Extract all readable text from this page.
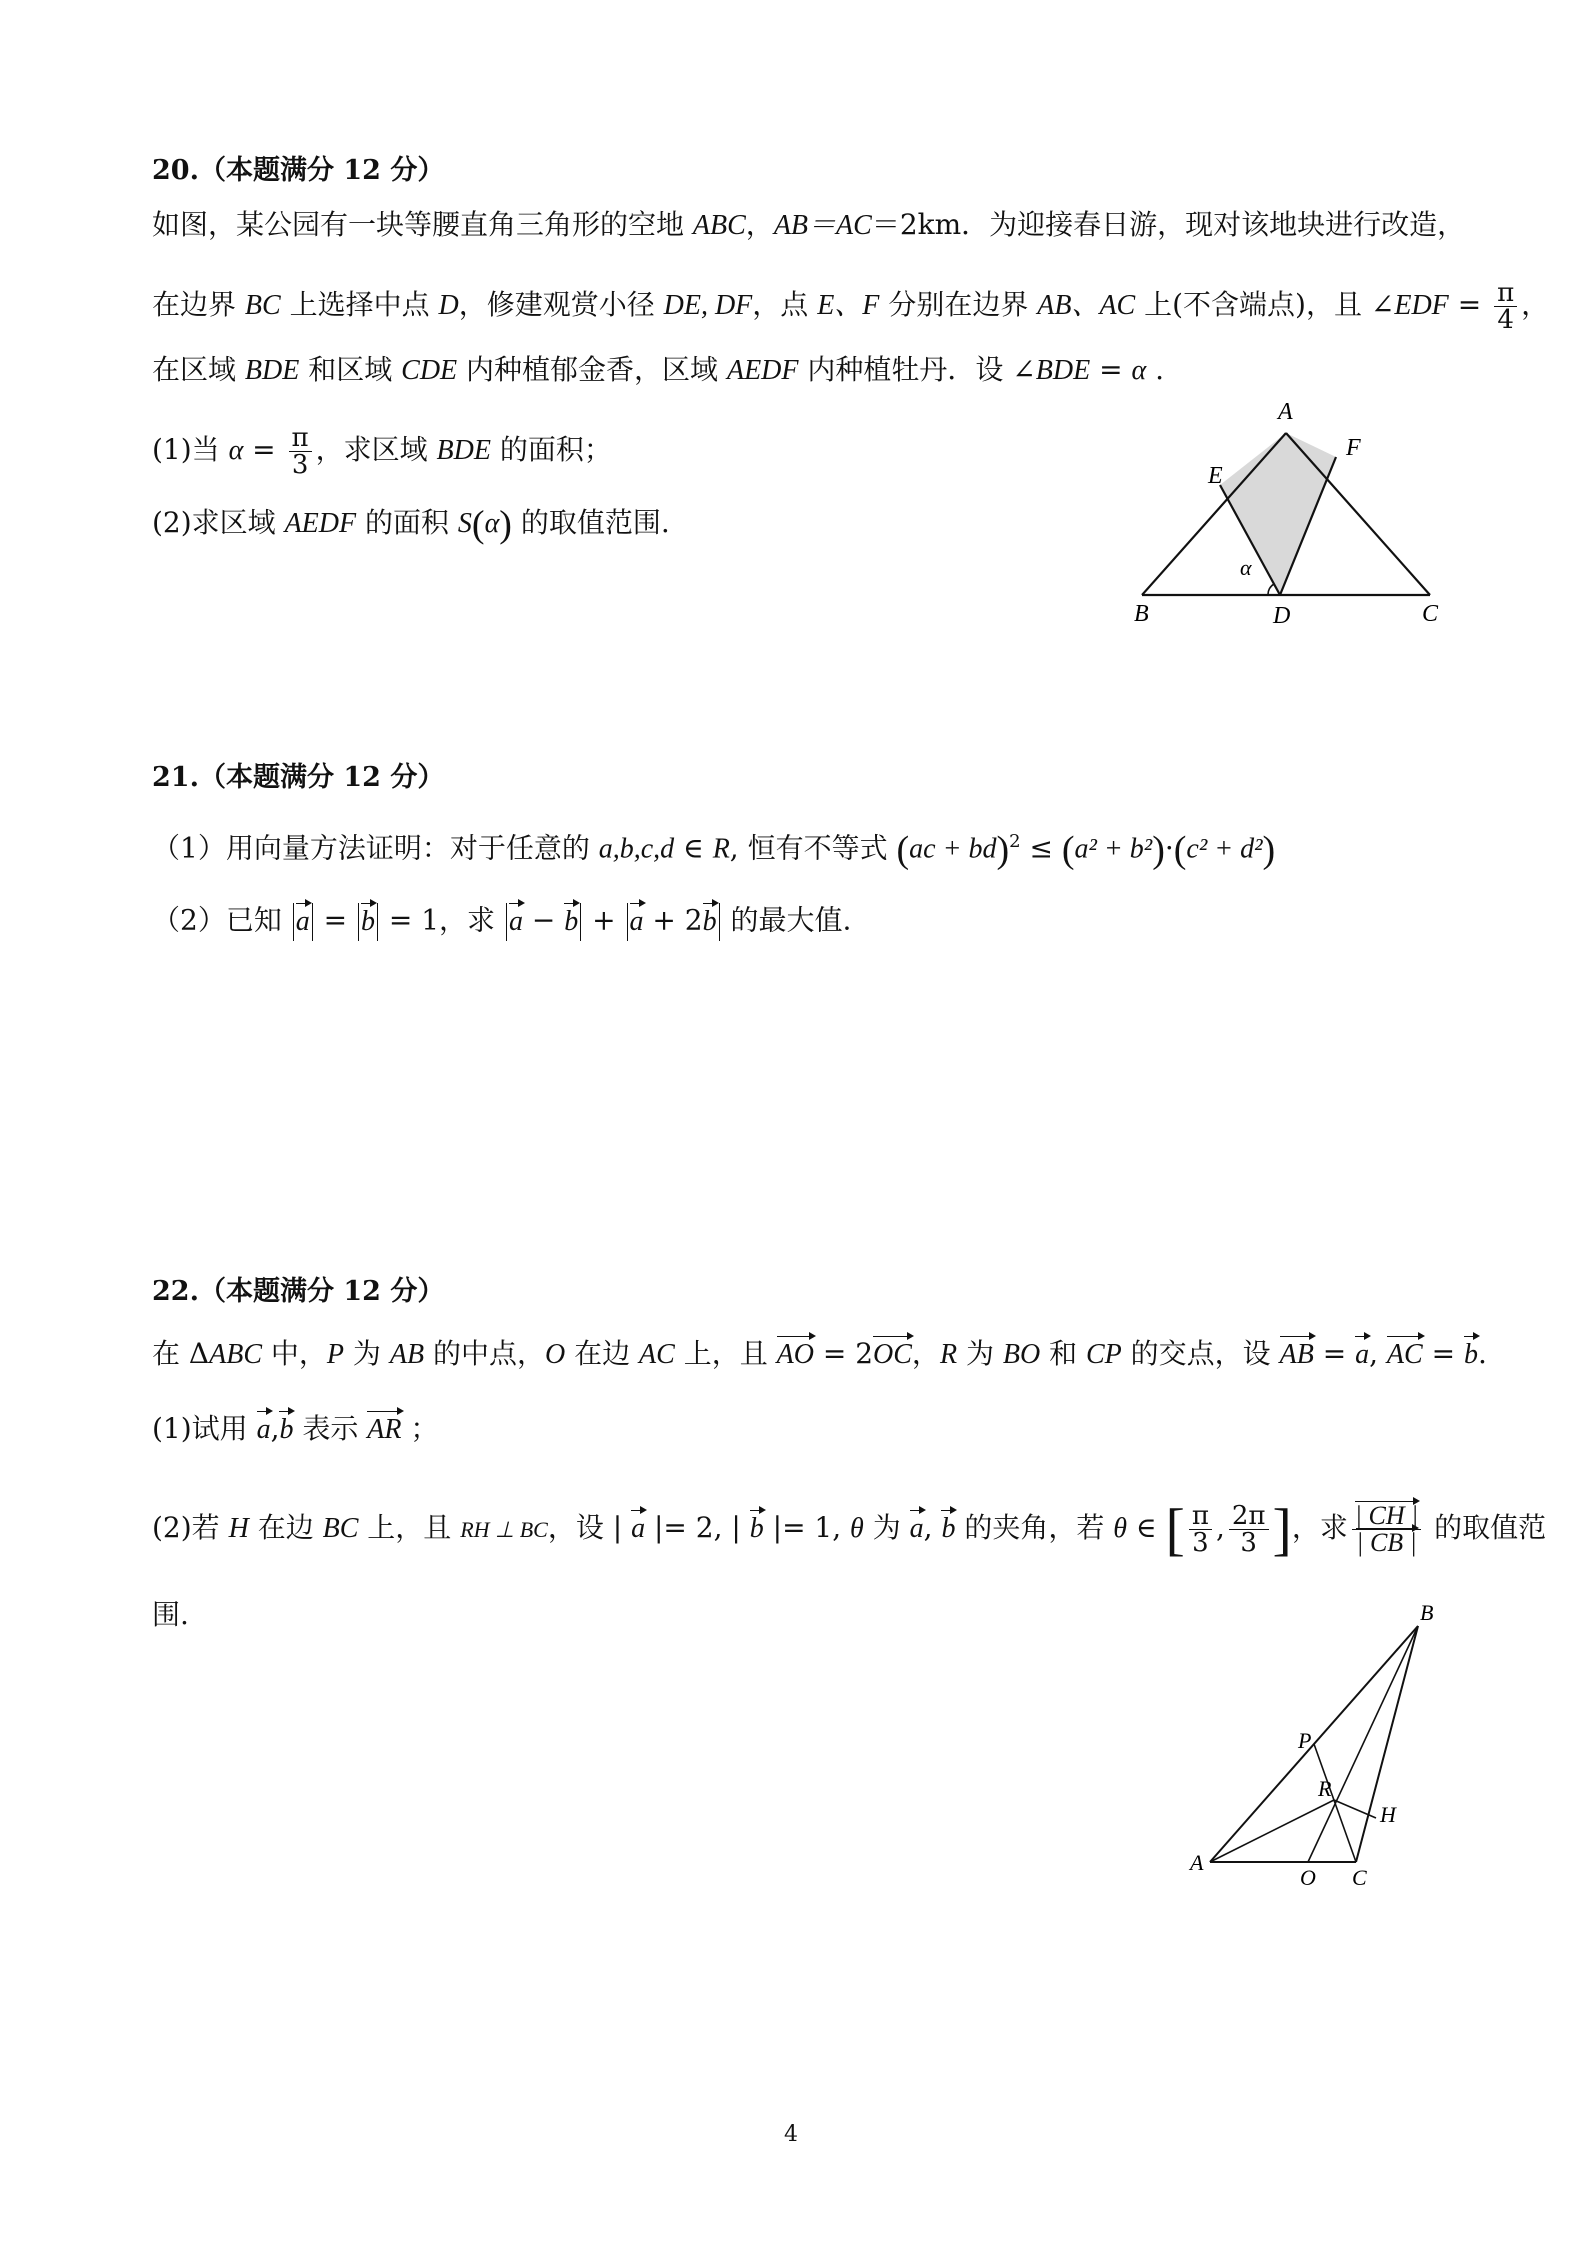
20.（本题满分 12 分）
如图，某公园有一块等腰直角三角形的空地 ABC，AB＝AC＝2km．为迎接春日游，现对该地块进行改造，
在边界 BC 上选择中点 D，修建观赏小径 DE, DF，点 E、F 分别在边界 AB、AC 上(不含端点)，且 ∠EDF = $\frac{\pi}{4}$ ，
在区域 BDE 和区域 CDE 内种植郁金香，区域 AEDF 内种植牡丹．设 ∠BDE = α .
(1)当 $\alpha = \frac{\pi}{3}$ ，求区域 BDE 的面积；
(2)求区域 AEDF 的面积 S(α) 的取值范围.
A
F
E
α
B	D	C
21.（本题满分 12 分）
（1）用向量方法证明：对于任意的 a,b,c,d ∈ R, 恒有不等式 (ac + bd)$^2$ ≤ (a² + b²)·(c² + d²)
（2）已知 a = b = 1，求 a − b + a + 2b 的最大值.
22.（本题满分 12 分）
在 ΔABC 中，P 为 AB 的中点，O 在边 AC 上，且 AO = 2OC，R 为 BO 和 CP 的交点，设 AB = a, AC = b.
(1)试用 a,b 表示 AR ；
(2)若 H 在边 BC 上，且 RH ⊥ BC，设 | a |= 2, | b |= 1, θ 为 a, b 的夹角，若 θ ∈ [ $\frac{\pi}{3}$ , $\frac{2\pi}{3}$ ]，求 $\frac{| CH |}{| CB |}$ 的取值范
围.	B
P
R
H
A
O C
4
